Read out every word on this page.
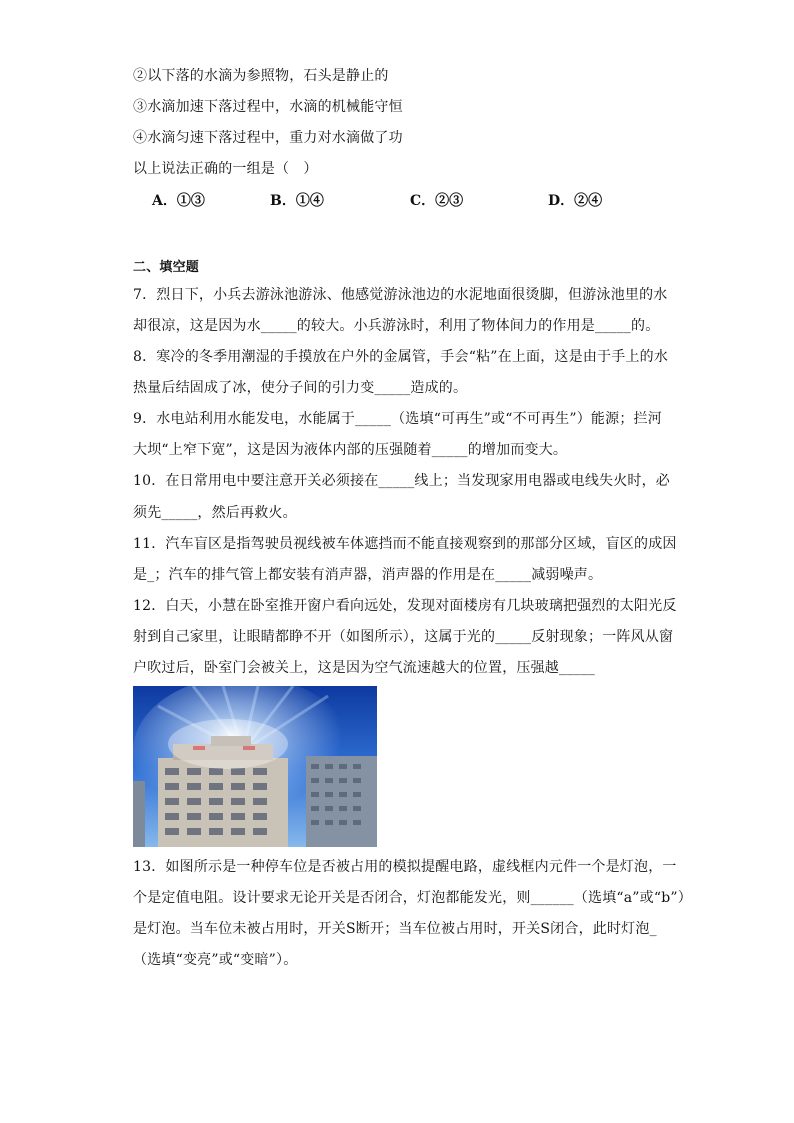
②以下落的水滴为参照物，石头是静止的
③水滴加速下落过程中，水滴的机械能守恒
④水滴匀速下落过程中，重力对水滴做了功
以上说法正确的一组是（　）
A．①③	B．①④	C．②③	D．②④
二、填空题
7．烈日下，小兵去游泳池游泳、他感觉游泳池边的水泥地面很烫脚，但游泳池里的水
却很凉，这是因为水_____的较大。小兵游泳时，利用了物体间力的作用是_____的。
8．寒冷的冬季用潮湿的手摸放在户外的金属管，手会“粘”在上面，这是由于手上的水
热量后结固成了冰，使分子间的引力变_____造成的。
9．水电站利用水能发电，水能属于_____（选填“可再生”或“不可再生”）能源；拦河
大坝“上窄下宽”，这是因为液体内部的压强随着_____的增加而变大。
10．在日常用电中要注意开关必须接在_____线上；当发现家用电器或电线失火时，必
须先_____，然后再救火。
11．汽车盲区是指驾驶员视线被车体遮挡而不能直接观察到的那部分区域，盲区的成因
是_；汽车的排气管上都安装有消声器，消声器的作用是在_____减弱噪声。
12．白天，小慧在卧室推开窗户看向远处，发现对面楼房有几块玻璃把强烈的太阳光反
射到自己家里，让眼睛都睁不开（如图所示），这属于光的_____反射现象；一阵风从窗
户吹过后，卧室门会被关上，这是因为空气流速越大的位置，压强越_____
13．如图所示是一种停车位是否被占用的模拟提醒电路，虚线框内元件一个是灯泡，一
个是定值电阻。设计要求无论开关是否闭合，灯泡都能发光，则______（选填“a”或“b”）
是灯泡。当车位未被占用时，开关S断开；当车位被占用时，开关S闭合，此时灯泡_
（选填“变亮”或“变暗”）。
